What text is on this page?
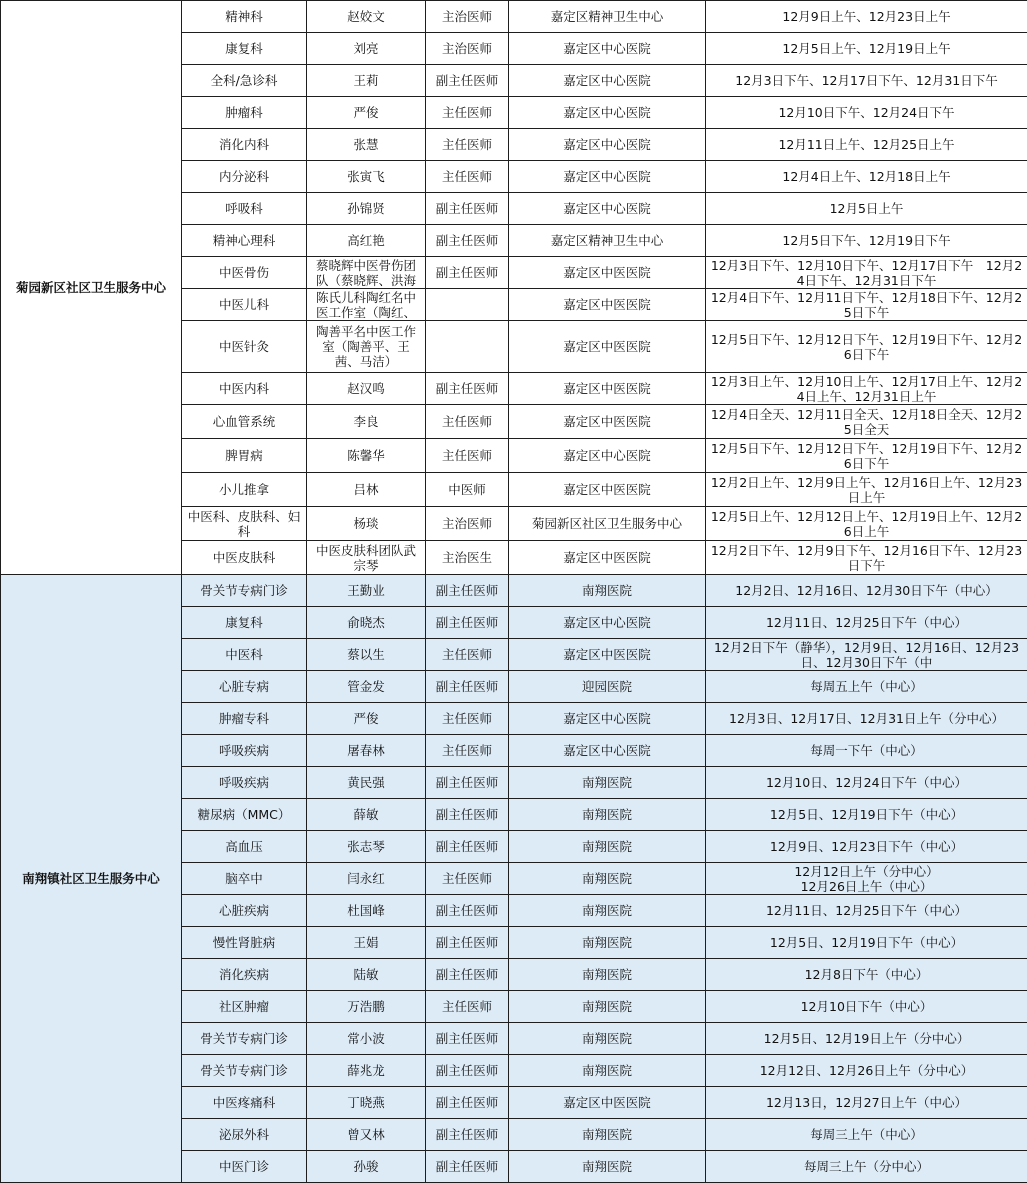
菊园新区社区卫生服务中心	精神科	赵姣文	主治医师	嘉定区精神卫生中心	12月9日上午、12月23日上午

	康复科	刘亮	主治医师	嘉定区中心医院	12月5日上午、12月19日上午

	全科/急诊科	王莉	副主任医师	嘉定区中心医院	12月3日下午、12月17日下午、12月31日下午

	肿瘤科	严俊	主任医师	嘉定区中心医院	12月10日下午、12月24日下午

	消化内科	张慧	主任医师	嘉定区中心医院	12月11日上午、12月25日上午

	内分泌科	张寅飞	主任医师	嘉定区中心医院	12月4日上午、12月18日上午

	呼吸科	孙锦贤	副主任医师	嘉定区中心医院	12月5日上午

	精神心理科	高红艳	副主任医师	嘉定区精神卫生中心	12月5日下午、12月19日下午

	中医骨伤	蔡晓辉中医骨伤团队（蔡晓辉、洪海	副主任医师	嘉定区中医医院	12月3日下午、12月10日下午、12月17日下午　12月24日下午、12月31日下午

	中医儿科	陈氏儿科陶红名中医工作室（陶红、		嘉定区中医医院	12月4日下午、12月11日下午、12月18日下午、12月25日下午

	中医针灸	陶善平名中医工作室（陶善平、王茜、马洁）		嘉定区中医医院	12月5日下午、12月12日下午、12月19日下午、12月26日下午

	中医内科	赵汉鸣	副主任医师	嘉定区中医医院	12月3日上午、12月10日上午、12月17日上午、12月24日上午、12月31日上午

	心血管系统	李良	主任医师	嘉定区中医医院	12月4日全天、12月11日全天、12月18日全天、12月25日全天

	脾胃病	陈馨华	主任医师	嘉定区中心医院	12月5日下午、12月12日下午、12月19日下午、12月26日下午

	小儿推拿	吕林	中医师	嘉定区中医医院	12月2日上午、12月9日上午、12月16日上午、12月23日上午

	中医科、皮肤科、妇科	杨琰	主治医师	菊园新区社区卫生服务中心	12月5日上午、12月12日上午、12月19日上午、12月26日上午

	中医皮肤科	中医皮肤科团队武宗琴	主治医生	嘉定区中医医院	12月2日下午、12月9日下午、12月16日下午、12月23日下午

南翔镇社区卫生服务中心	骨关节专病门诊	王勤业	副主任医师	南翔医院	12月2日、12月16日、12月30日下午（中心）

	康复科	俞晓杰	副主任医师	嘉定区中心医院	12月11日、12月25日下午（中心）

	中医科	蔡以生	主任医师	嘉定区中医医院	12月2日下午（静华），12月9日、12月16日、12月23日、12月30日下午（中

	心脏专病	管金发	副主任医师	迎园医院	每周五上午（中心）

	肿瘤专科	严俊	主任医师	嘉定区中心医院	12月3日、12月17日、12月31日上午（分中心）

	呼吸疾病	屠春林	主任医师	嘉定区中心医院	每周一下午（中心）

	呼吸疾病	黄民强	副主任医师	南翔医院	12月10日、12月24日下午（中心）

	糖尿病（MMC）	薛敏	副主任医师	南翔医院	12月5日、12月19日下午（中心）

	高血压	张志琴	副主任医师	南翔医院	12月9日、12月23日下午（中心）

	脑卒中	闫永红	主任医师	南翔医院	12月12日上午（分中心）
12月26日上午（中心）

	心脏疾病	杜国峰	副主任医师	南翔医院	12月11日、12月25日下午（中心）

	慢性肾脏病	王娟	副主任医师	南翔医院	12月5日、12月19日下午（中心）

	消化疾病	陆敏	副主任医师	南翔医院	12月8日下午（中心）

	社区肿瘤	万浩鹏	主任医师	南翔医院	12月10日下午（中心）

	骨关节专病门诊	常小波	副主任医师	南翔医院	12月5日、12月19日上午（分中心）

	骨关节专病门诊	薛兆龙	副主任医师	南翔医院	12月12日、12月26日上午（分中心）

	中医疼痛科	丁晓燕	副主任医师	嘉定区中医医院	12月13日，12月27日上午（中心）

	泌尿外科	曾又林	副主任医师	南翔医院	每周三上午（中心）

	中医门诊	孙骏	副主任医师	南翔医院	每周三上午（分中心）
